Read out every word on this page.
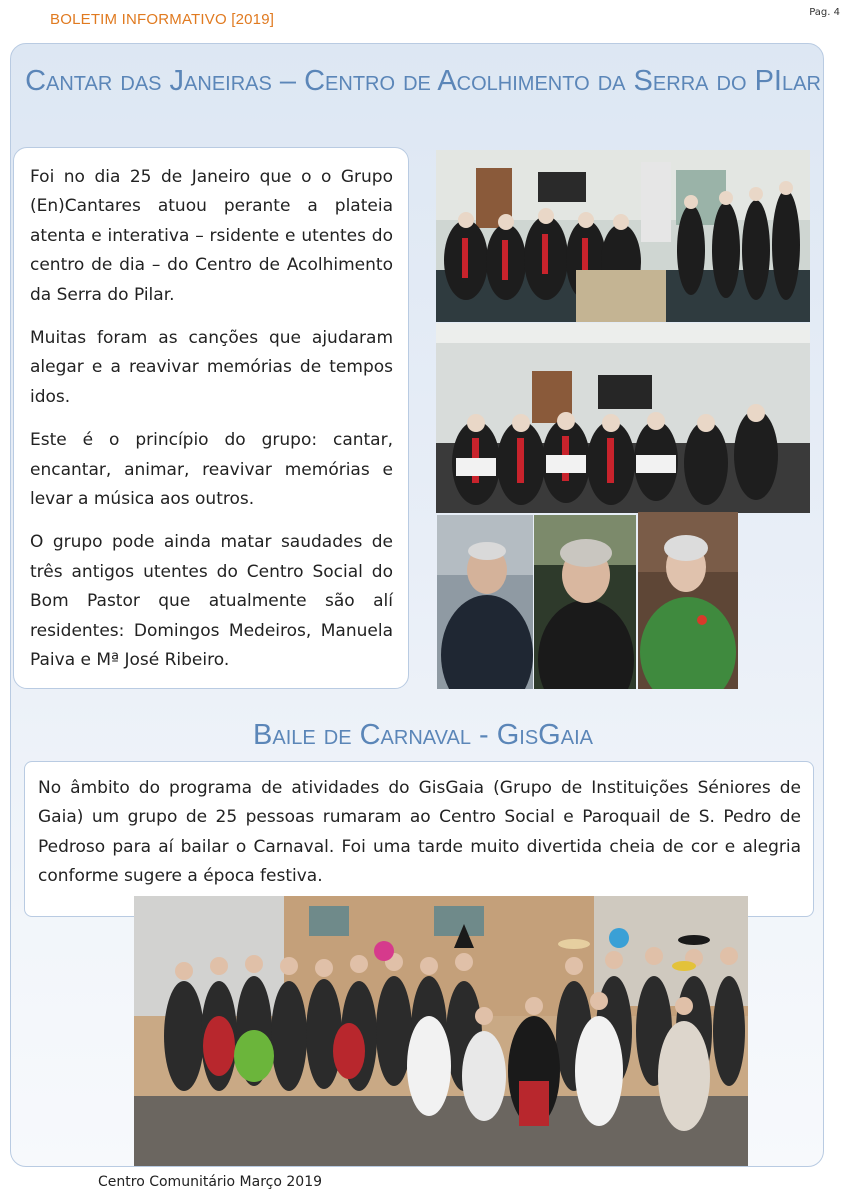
BOLETIM INFORMATIVO [2019]	Pag. 4
Cantar das Janeiras – Centro de Acolhimento da Serra do PIlar

Foi no dia 25 de Janeiro que o o Grupo (En)Cantares atuou perante a plateia atenta e interativa – rsidente e utentes do centro de dia – do Centro de Acolhimento da Serra do Pilar.

Muitas foram as canções que ajudaram alegar e a reavivar memórias de tempos idos.

Este é o princípio do grupo: cantar, encantar, animar, reavivar memórias e levar a música aos outros.

O grupo pode ainda matar saudades de três antigos utentes do Centro Social do Bom Pastor que atualmente são alí residentes: Domingos Medeiros, Manuela Paiva e Mª José Ribeiro.

Baile de Carnaval - GisGaia

No âmbito do programa de atividades do GisGaia (Grupo de Instituições Séniores de Gaia) um grupo de 25 pessoas rumaram ao Centro Social e Paroquail de S. Pedro de Pedroso para aí bailar o Carnaval. Foi uma tarde muito divertida cheia de cor e alegria conforme sugere a época festiva.

Centro Comunitário Março 2019
